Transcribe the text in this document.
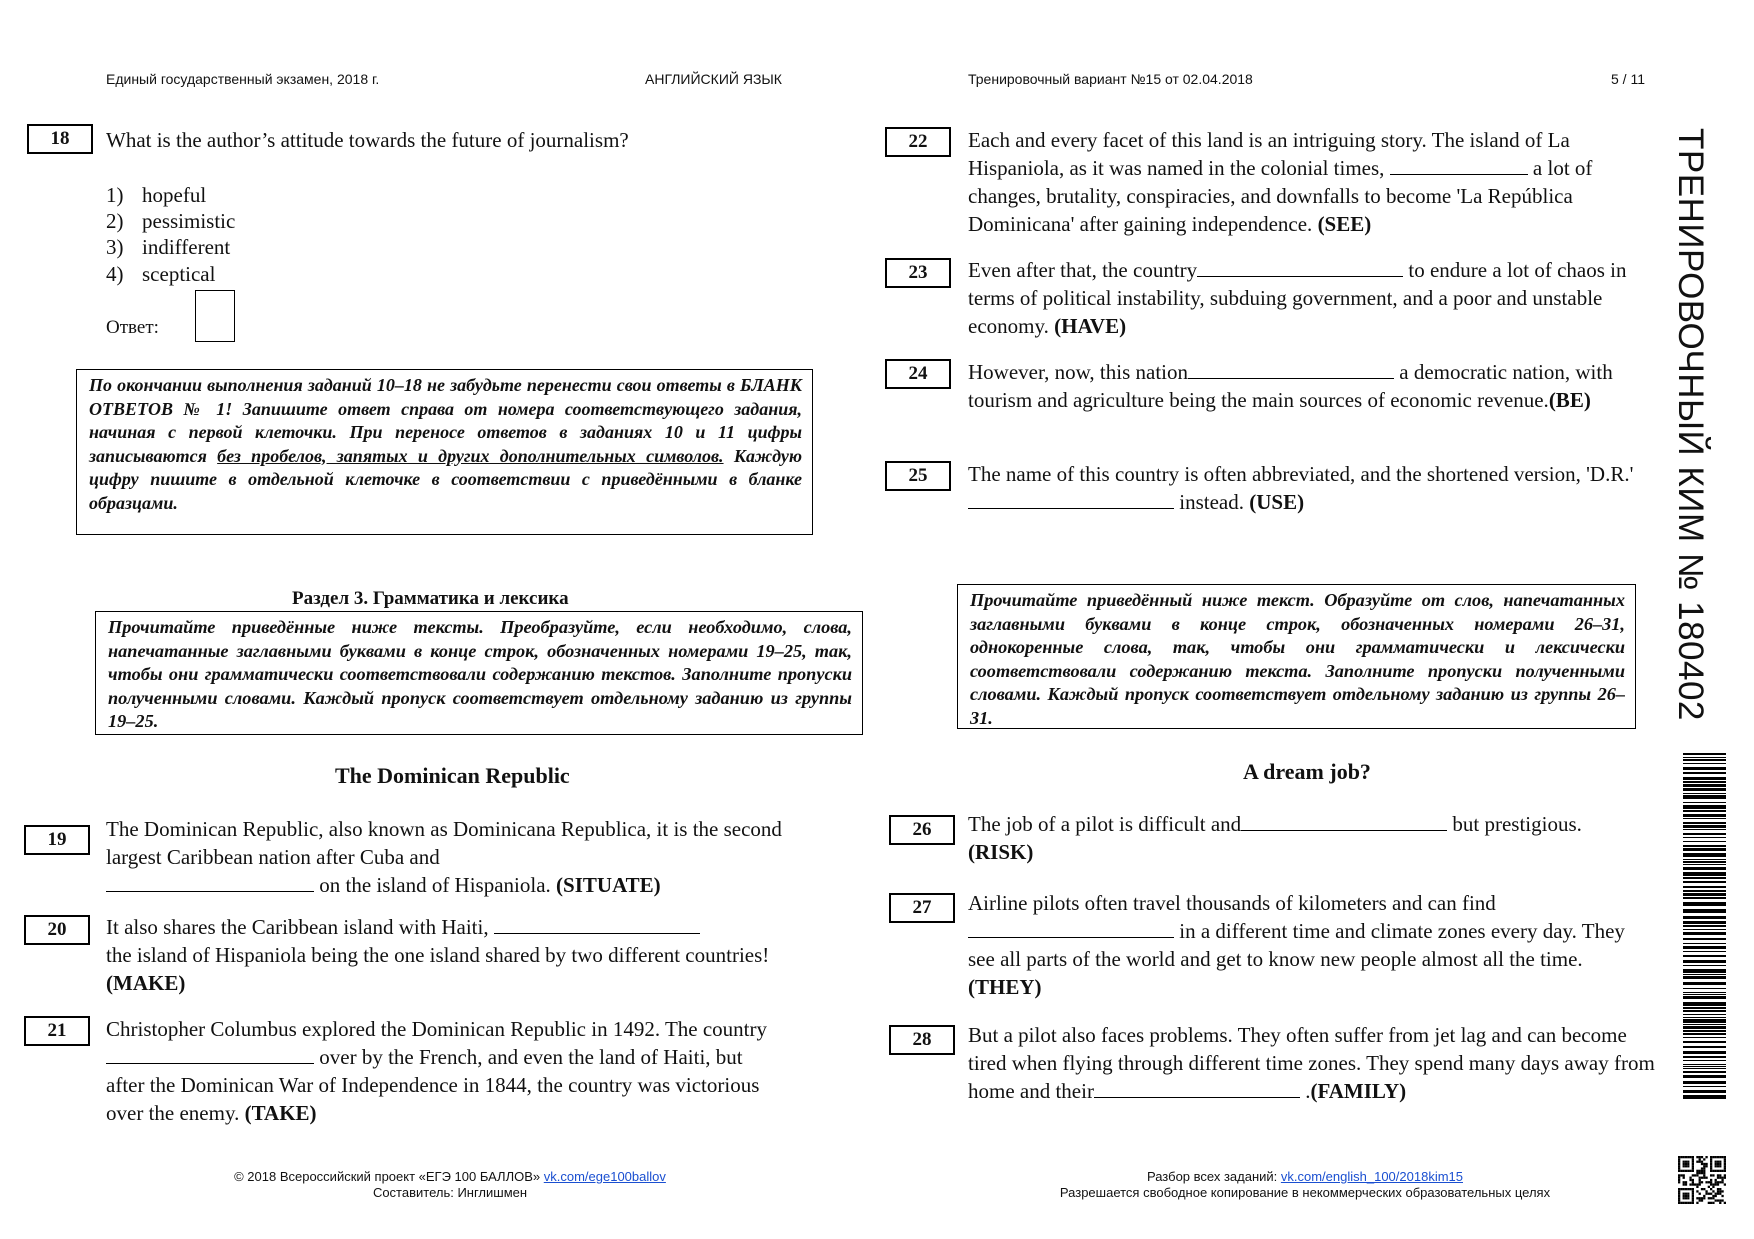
Единый государственный экзамен, 2018 г.	АНГЛИЙСКИЙ ЯЗЫК	Тренировочный вариант №15 от 02.04.2018	5 / 11
18	What is the author’s attitude towards the future of journalism?
1) hopeful
2) pessimistic
3) indifferent
4) sceptical
Ответ:
По окончании выполнения заданий 10–18 не забудьте перенести свои ответы в БЛАНК ОТВЕТОВ № 1! Запишите ответ справа от номера соответствующего задания, начиная с первой клеточки. При переносе ответов в заданиях 10 и 11 цифры записываются без пробелов, запятых и других дополнительных символов. Каждую цифру пишите в отдельной клеточке в соответствии с приведёнными в бланке образцами.
Раздел 3. Грамматика и лексика
Прочитайте приведённые ниже тексты. Преобразуйте, если необходимо, слова, напечатанные заглавными буквами в конце строк, обозначенных номерами 19–25, так, чтобы они грамматически соответствовали содержанию текстов. Заполните пропуски полученными словами. Каждый пропуск соответствует отдельному заданию из группы 19–25.
The Dominican Republic
19	The Dominican Republic, also known as Dominicana Republica, it is the second largest Caribbean nation after Cuba and
on the island of Hispaniola. (SITUATE)
20	It also shares the Caribbean island with Haiti,
the island of Hispaniola being the one island shared by two different countries! (MAKE)
21	Christopher Columbus explored the Dominican Republic in 1492. The country  over by the French, and even the land of Haiti, but after the Dominican War of Independence in 1844, the country was victorious over the enemy. (TAKE)
22	Each and every facet of this land is an intriguing story. The island of La Hispaniola, as it was named in the colonial times,	a lot of changes, brutality, conspiracies, and downfalls to become 'La República Dominicana' after gaining independence. (SEE)
23	Even after that, the country	to endure a lot of chaos in terms of political instability, subduing government, and a poor and unstable economy. (HAVE)
24	However, now, this nation	a democratic nation, with tourism and agriculture being the main sources of economic revenue.(BE)
25	The name of this country is often abbreviated, and the shortened version, 'D.R.' instead. (USE)
Прочитайте приведённый ниже текст. Образуйте от слов, напечатанных заглавными буквами в конце строк, обозначенных номерами 26–31, однокоренные слова, так, чтобы они грамматически и лексически соответствовали содержанию текста. Заполните пропуски полученными словами. Каждый пропуск соответствует отдельному заданию из группы 26–31.
A dream job?
26	The job of a pilot is difficult and	but prestigious.
(RISK)
27	Airline pilots often travel thousands of kilometers and can find in a different time and climate zones every day. They see all parts of the world and get to know new people almost all the time. (THEY)
28	But a pilot also faces problems. They often suffer from jet lag and can become tired when flying through different time zones. They spend many days away from home and their	.(FAMILY)
ТРЕНИРОВОЧНЫЙ КИМ № 180402
© 2018 Всероссийский проект «ЕГЭ 100 БАЛЛОВ» vk.com/ege100ballov
Составитель: Инглишмен
Разбор всех заданий: vk.com/english_100/2018kim15
Разрешается свободное копирование в некоммерческих образовательных целях
